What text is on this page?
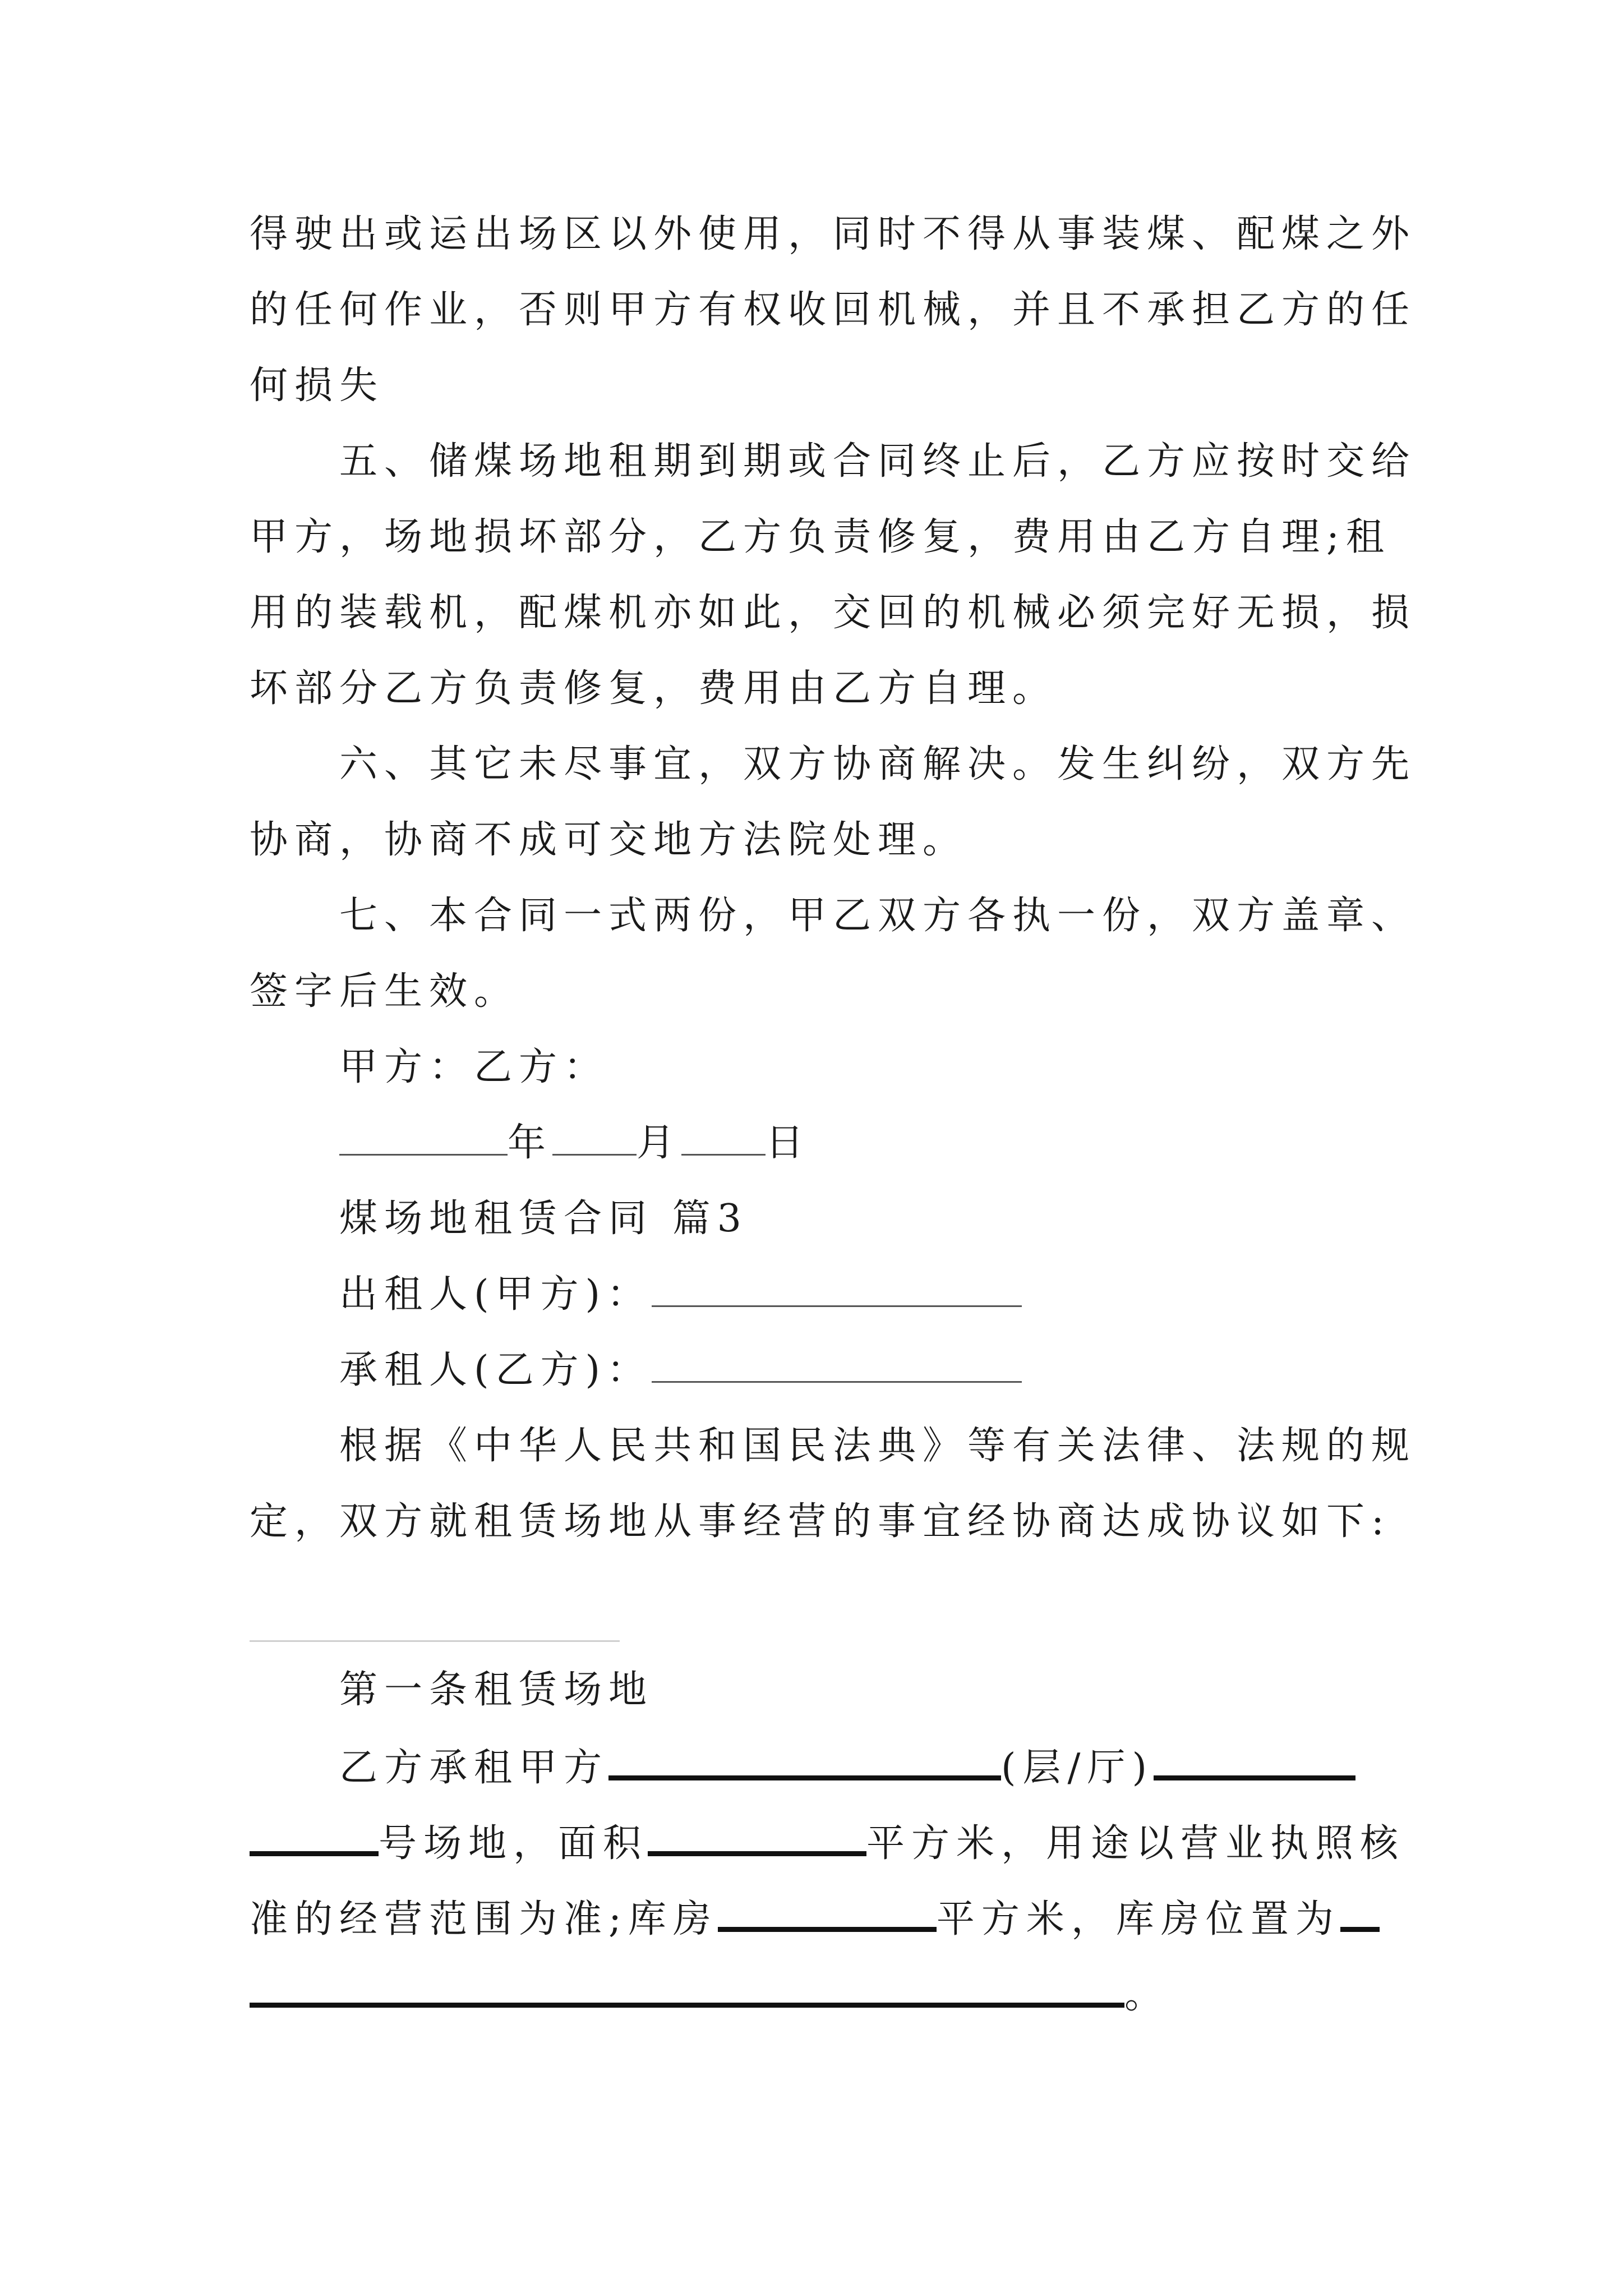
得驶出或运出场区以外使用，同时不得从事装煤、配煤之外
的任何作业，否则甲方有权收回机械，并且不承担乙方的任
何损失
五、储煤场地租期到期或合同终止后，乙方应按时交给
甲方，场地损坏部分，乙方负责修复，费用由乙方自理;租
用的装载机，配煤机亦如此，交回的机械必须完好无损，损
坏部分乙方负责修复，费用由乙方自理。
六、其它未尽事宜，双方协商解决。发生纠纷，双方先
协商，协商不成可交地方法院处理。
七、本合同一式两份，甲乙双方各执一份，双方盖章、
签字后生效。
甲方：乙方：
年 月 日
煤场地租赁合同 篇3
出租人(甲方)：
承租人(乙方)：
根据《中华人民共和国民法典》等有关法律、法规的规
定，双方就租赁场地从事经营的事宜经协商达成协议如下:
第一条租赁场地
乙方承租甲方	(层/厅)
号场地，面积	平方米，用途以营业执照核
准的经营范围为准;库房	平方米，库房位置为
。
